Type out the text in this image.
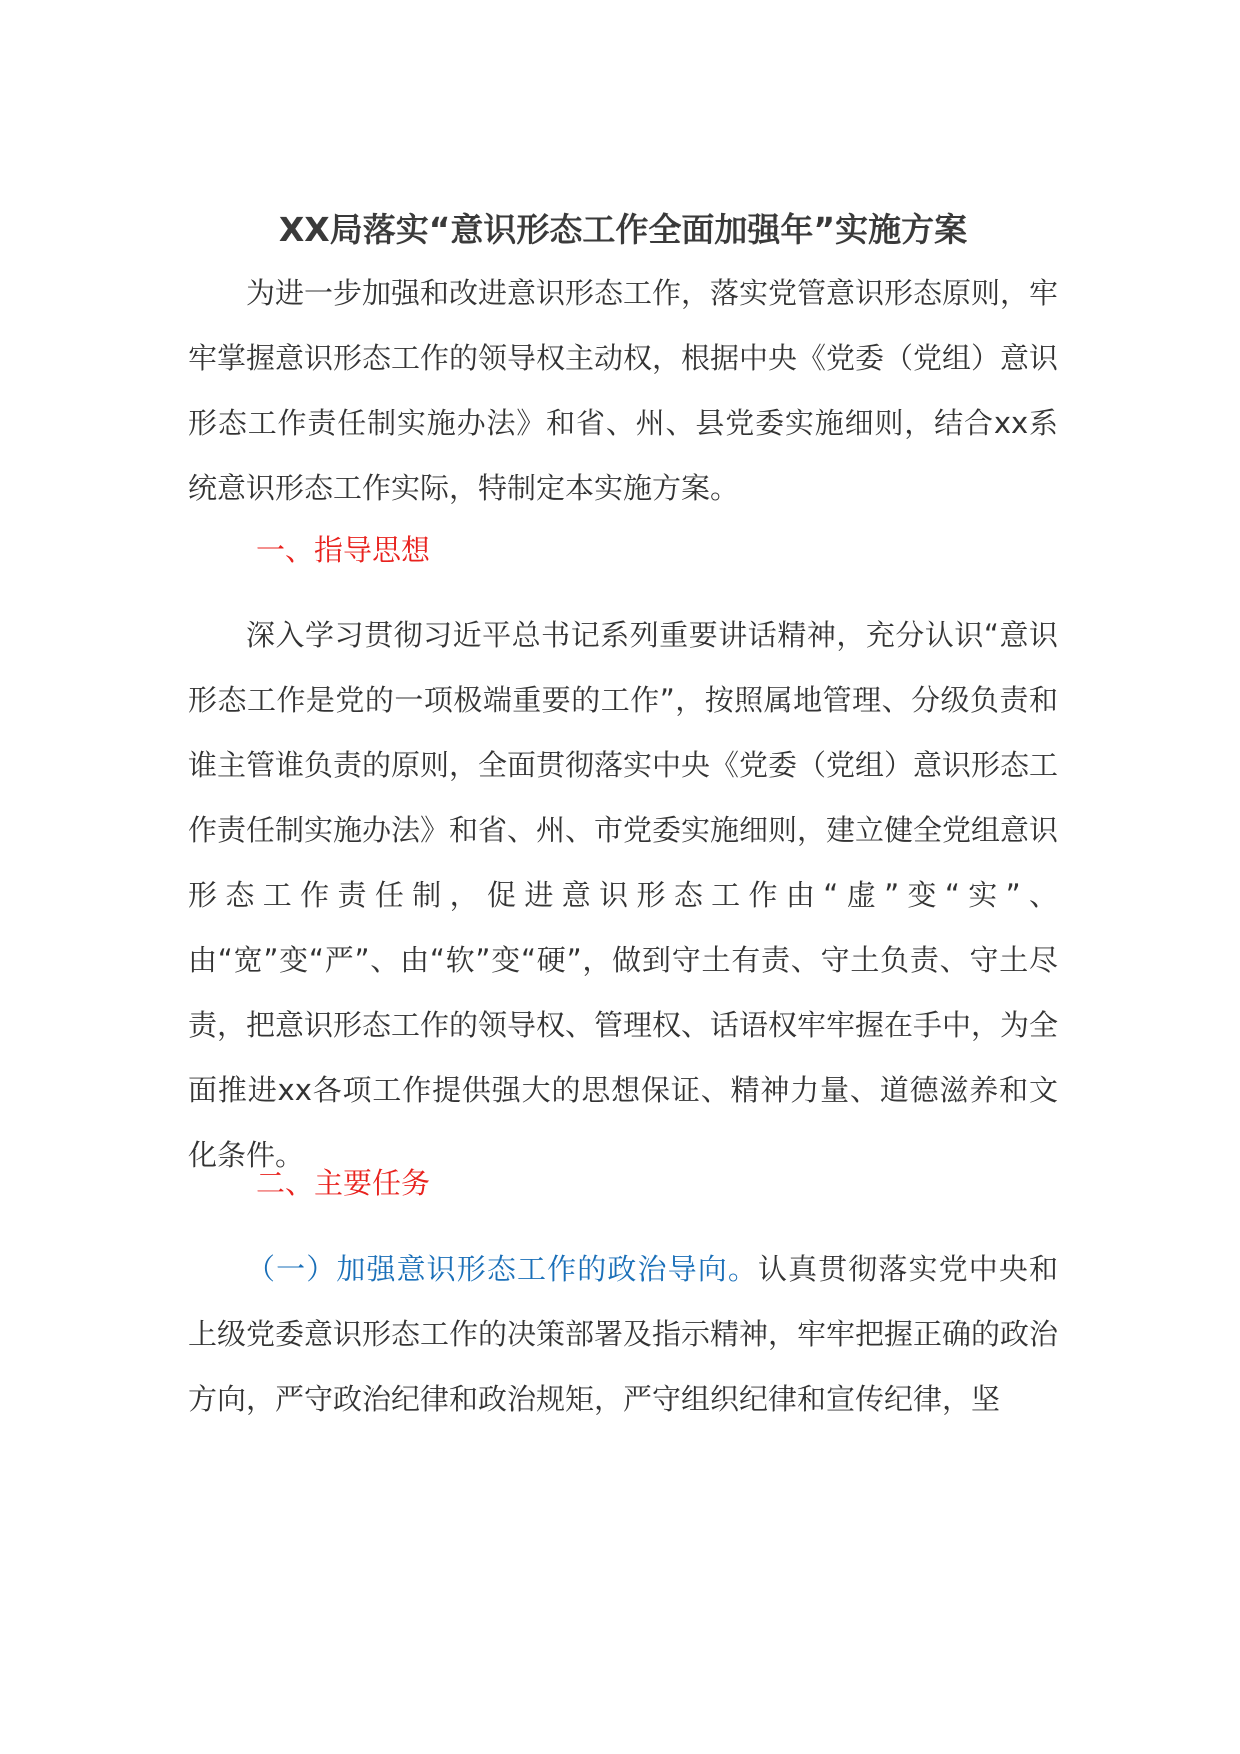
XX局落实“意识形态工作全面加强年”实施方案

为进一步加强和改进意识形态工作，落实党管意识形态原则，牢牢掌握意识形态工作的领导权主动权，根据中央《党委（党组）意识形态工作责任制实施办法》和省、州、县党委实施细则，结合xx系统意识形态工作实际，特制定本实施方案。

一、指导思想

深入学习贯彻习近平总书记系列重要讲话精神，充分认识“意识形态工作是党的一项极端重要的工作”，按照属地管理、分级负责和谁主管谁负责的原则，全面贯彻落实中央《党委（党组）意识形态工作责任制实施办法》和省、州、市党委实施细则，建立健全党组意识形态工作责任制，促进意识形态工作由“虚”变“实”、由“宽”变“严”、由“软”变“硬”，做到守土有责、守土负责、守土尽责，把意识形态工作的领导权、管理权、话语权牢牢握在手中，为全面推进xx各项工作提供强大的思想保证、精神力量、道德滋养和文化条件。

二、主要任务

（一）加强意识形态工作的政治导向。认真贯彻落实党中央和上级党委意识形态工作的决策部署及指示精神，牢牢把握正确的政治方向，严守政治纪律和政治规矩，严守组织纪律和宣传纪律，坚
